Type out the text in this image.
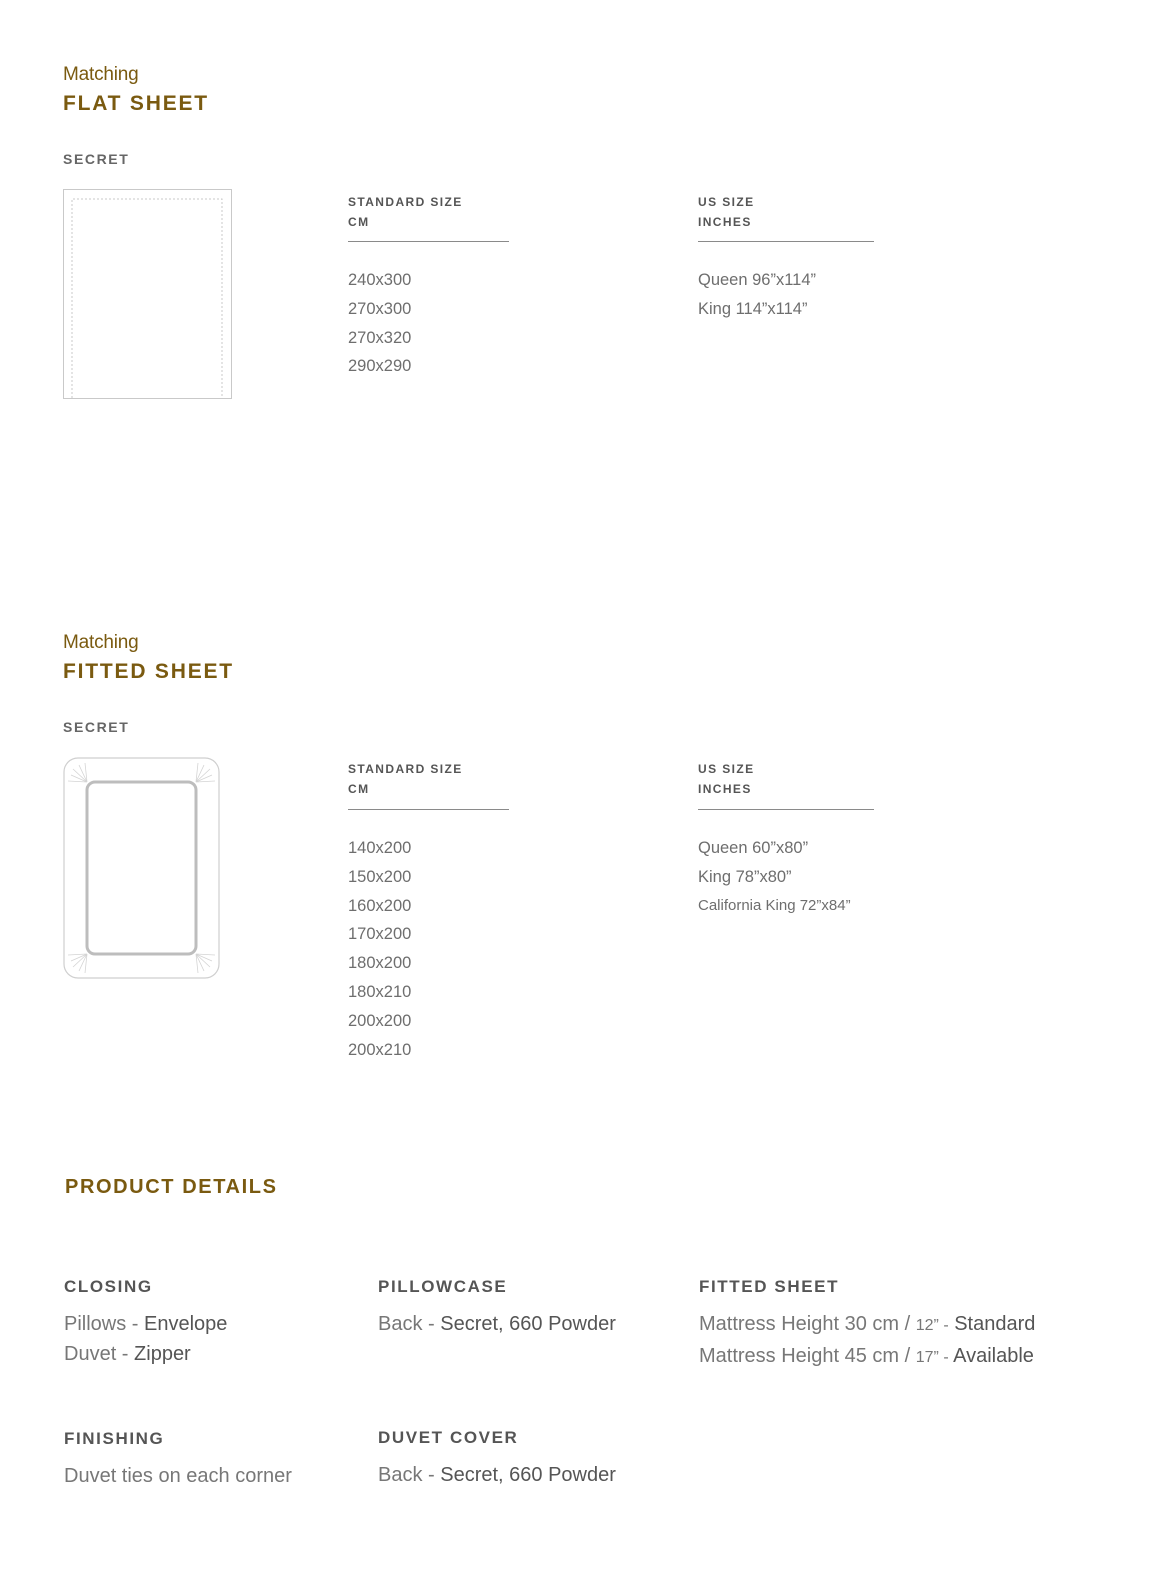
Matching
FLAT SHEET
SECRET
STANDARD SIZE
CM
240x300
270x300
270x320
290x290
US SIZE
INCHES
Queen 96”x114”
King 114”x114”
Matching
FITTED SHEET
SECRET
STANDARD SIZE
CM
140x200
150x200
160x200
170x200
180x200
180x210
200x200
200x210
US SIZE
INCHES
Queen 60”x80”
King 78”x80”
California King 72”x84”
PRODUCT DETAILS
CLOSING
Pillows - Envelope
Duvet - Zipper
PILLOWCASE
Back - Secret, 660 Powder
FITTED SHEET
Mattress Height 30 cm / 12” - Standard
Mattress Height 45 cm / 17” - Available
FINISHING
Duvet ties on each corner
DUVET COVER
Back - Secret, 660 Powder
